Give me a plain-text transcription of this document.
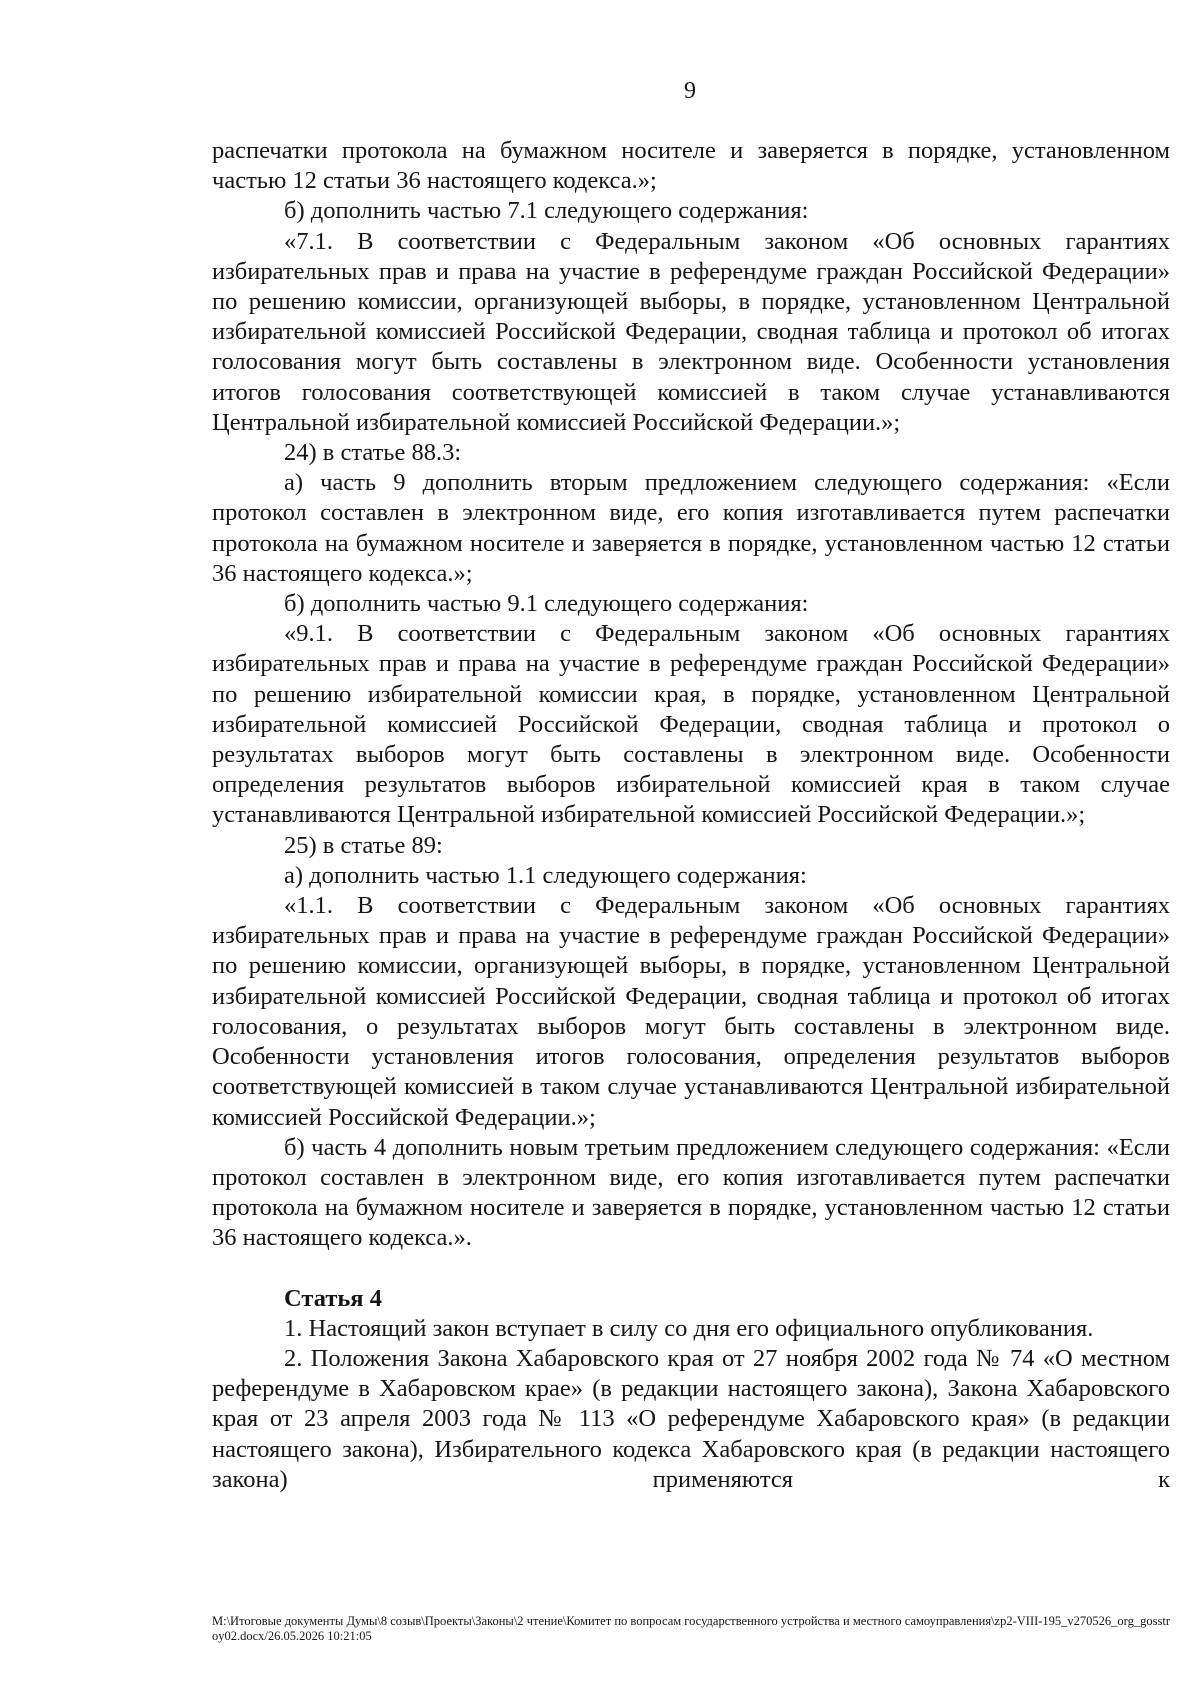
9

распечатки протокола на бумажном носителе и заверяется в порядке, установленном частью 12 статьи 36 настоящего кодекса.»;

б) дополнить частью 7.1 следующего содержания:

«7.1. В соответствии с Федеральным законом «Об основных гарантиях избирательных прав и права на участие в референдуме граждан Российской Федерации» по решению комиссии, организующей выборы, в порядке, установленном Центральной избирательной комиссией Российской Федерации, сводная таблица и протокол об итогах голосования могут быть составлены в электронном виде. Особенности установления итогов голосования соответствующей комиссией в таком случае устанавливаются Центральной избирательной комиссией Российской Федерации.»;

24) в статье 88.3:

а) часть 9 дополнить вторым предложением следующего содержания: «Если протокол составлен в электронном виде, его копия изготавливается путем распечатки протокола на бумажном носителе и заверяется в порядке, установленном частью 12 статьи 36 настоящего кодекса.»;

б) дополнить частью 9.1 следующего содержания:

«9.1. В соответствии с Федеральным законом «Об основных гарантиях избирательных прав и права на участие в референдуме граждан Российской Федерации» по решению избирательной комиссии края, в порядке, установленном Центральной избирательной комиссией Российской Федерации, сводная таблица и протокол о результатах выборов могут быть составлены в электронном виде. Особенности определения результатов выборов избирательной комиссией края в таком случае устанавливаются Центральной избирательной комиссией Российской Федерации.»;

25) в статье 89:

а) дополнить частью 1.1 следующего содержания:

«1.1. В соответствии с Федеральным законом «Об основных гарантиях избирательных прав и права на участие в референдуме граждан Российской Федерации» по решению комиссии, организующей выборы, в порядке, установленном Центральной избирательной комиссией Российской Федерации, сводная таблица и протокол об итогах голосования, о результатах выборов могут быть составлены в электронном виде. Особенности установления итогов голосования, определения результатов выборов соответствующей комиссией в таком случае устанавливаются Центральной избирательной комиссией Российской Федерации.»;

б) часть 4 дополнить новым третьим предложением следующего содержания: «Если протокол составлен в электронном виде, его копия изготавливается путем распечатки протокола на бумажном носителе и заверяется в порядке, установленном частью 12 статьи 36 настоящего кодекса.».

Статья 4

1. Настоящий закон вступает в силу со дня его официального опубликования.

2. Положения Закона Хабаровского края от 27 ноября 2002 года № 74 «О местном референдуме в Хабаровском крае» (в редакции настоящего закона), Закона Хабаровского края от 23 апреля 2003 года № 113 «О референдуме Хабаровского края» (в редакции настоящего закона), Избирательного кодекса Хабаровского края (в редакции настоящего закона) применяются к

M:\Итоговые документы Думы\8 созыв\Проекты\Законы\2 чтение\Комитет по вопросам государственного устройства и местного самоуправления\zp2-VIII-195_v270526_org_gosstroy02.docx/26.05.2026 10:21:05
